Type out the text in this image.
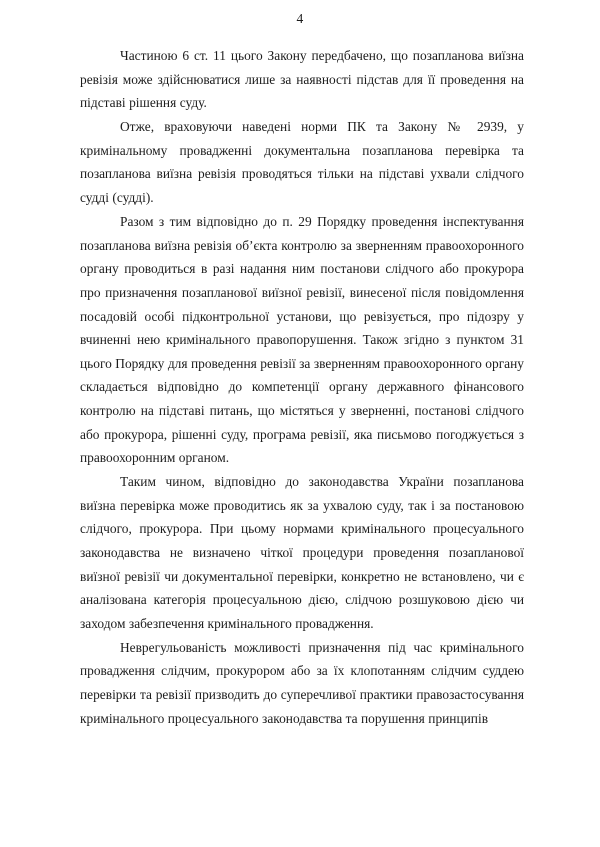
4

Частиною 6 ст. 11 цього Закону передбачено, що позапланова виїзна ревізія може здійснюватися лише за наявності підстав для її проведення на підставі рішення суду.

Отже, враховуючи наведені норми ПК та Закону № 2939, у кримінальному провадженні документальна позапланова перевірка та позапланова виїзна ревізія проводяться тільки на підставі ухвали слідчого судді (судді).

Разом з тим відповідно до п. 29 Порядку проведення інспектування позапланова виїзна ревізія об’єкта контролю за зверненням правоохоронного органу проводиться в разі надання ним постанови слідчого або прокурора про призначення позапланової виїзної ревізії, винесеної після повідомлення посадовій особі підконтрольної установи, що ревізується, про підозру у вчиненні нею кримінального правопорушення. Також згідно з пунктом 31 цього Порядку для проведення ревізії за зверненням правоохоронного органу складається відповідно до компетенції органу державного фінансового контролю на підставі питань, що містяться у зверненні, постанові слідчого або прокурора, рішенні суду, програма ревізії, яка письмово погоджується з правоохоронним органом.

Таким чином, відповідно до законодавства України позапланова виїзна перевірка може проводитись як за ухвалою суду, так і за постановою слідчого, прокурора. При цьому нормами кримінального процесуального законодавства не визначено чіткої процедури проведення позапланової виїзної ревізії чи документальної перевірки, конкретно не встановлено, чи є аналізована категорія процесуальною дією, слідчою розшуковою дією чи заходом забезпечення кримінального провадження.

Неврегульованість можливості призначення під час кримінального провадження слідчим, прокурором або за їх клопотанням слідчим суддею перевірки та ревізії призводить до суперечливої практики правозастосування кримінального процесуального законодавства та порушення принципів
